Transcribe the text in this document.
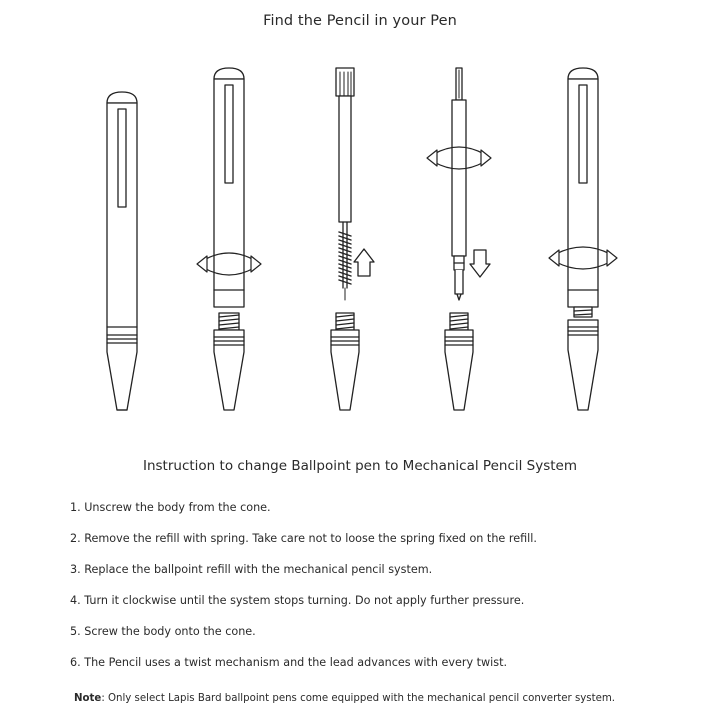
Find the Pencil in your Pen
Instruction to change Ballpoint pen to Mechanical Pencil System
1. Unscrew the body from the cone.
2. Remove the refill with spring. Take care not to loose the spring fixed on the refill.
3. Replace the ballpoint refill with the mechanical pencil system.
4. Turn it clockwise until the system stops turning. Do not apply further pressure.
5. Screw the body onto the cone.
6. The Pencil uses a twist mechanism and the lead advances with every twist.
Note: Only select Lapis Bard ballpoint pens come equipped with the mechanical pencil converter system.
